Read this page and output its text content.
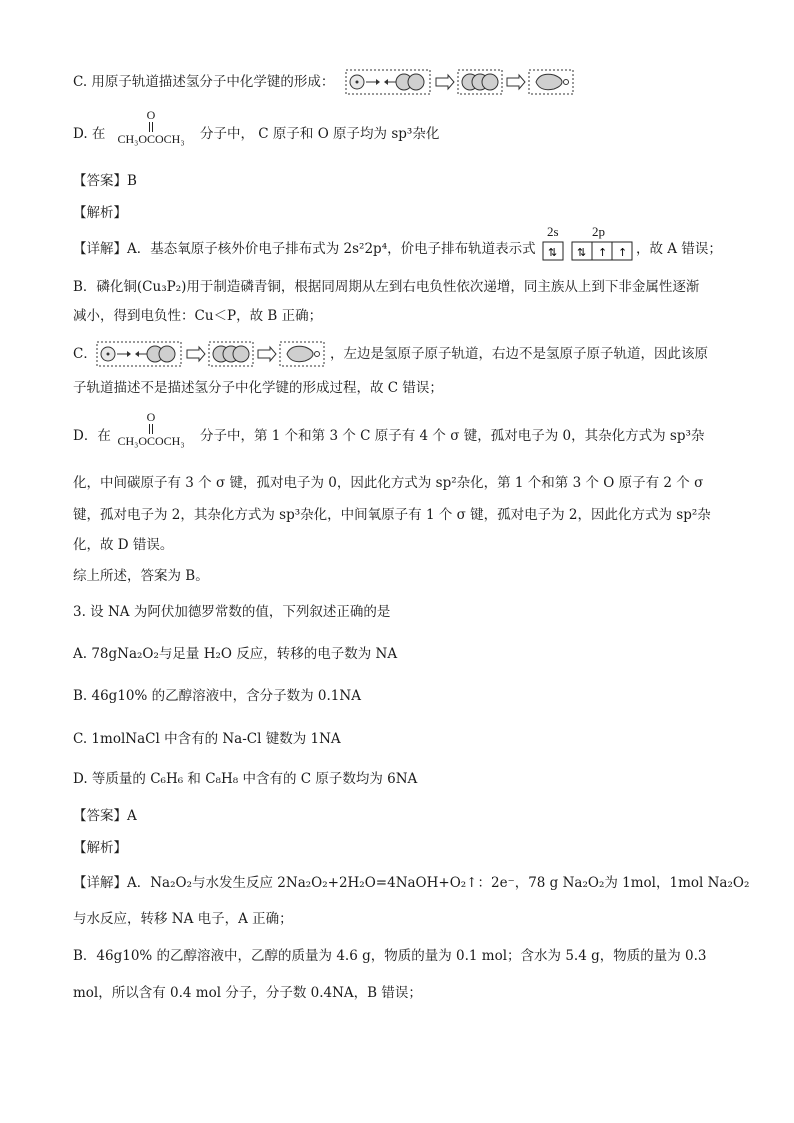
C. 用原子轨道描述氢分子中化学键的形成：
D. 在
O
CH₃OCOCH₃	分子中， C 原子和 O 原子均为 sp³杂化
【答案】B
【解析】
【详解】A．基态氧原子核外价电子排布式为 2s²2p⁴，价电子排布轨道表示式
2s	2p
⇅ ⇅ ↑ ↑ ，故 A 错误；
B．磷化铜(Cu₃P₂)用于制造磷青铜，根据同周期从左到右电负性依次递增，同主族从上到下非金属性逐渐
减小，得到电负性：Cu＜P，故 B 正确；
C．	，左边是氢原子原子轨道，右边不是氢原子原子轨道，因此该原
子轨道描述不是描述氢分子中化学键的形成过程，故 C 错误；
D．在
O
CH₃OCOCH₃	分子中，第 1 个和第 3 个 C 原子有 4 个 σ 键，孤对电子为 0，其杂化方式为 sp³杂
化，中间碳原子有 3 个 σ 键，孤对电子为 0，因此化方式为 sp²杂化，第 1 个和第 3 个 O 原子有 2 个 σ
键，孤对电子为 2，其杂化方式为 sp³杂化，中间氧原子有 1 个 σ 键，孤对电子为 2，因此化方式为 sp²杂
化，故 D 错误。
综上所述，答案为 B。
3. 设 NA 为阿伏加德罗常数的值，下列叙述正确的是
A. 78gNa₂O₂与足量 H₂O 反应，转移的电子数为 NA
B. 46g10% 的乙醇溶液中，含分子数为 0.1NA
C. 1molNaCl 中含有的 Na-Cl 键数为 1NA
D. 等质量的 C₆H₆ 和 C₈H₈ 中含有的 C 原子数均为 6NA
【答案】A
【解析】
【详解】A．Na₂O₂与水发生反应 2Na₂O₂+2H₂O=4NaOH+O₂↑：2e⁻，78 g Na₂O₂为 1mol，1mol Na₂O₂
与水反应，转移 NA 电子，A 正确；
B．46g10% 的乙醇溶液中，乙醇的质量为 4.6 g，物质的量为 0.1 mol；含水为 5.4 g，物质的量为 0.3
mol，所以含有 0.4 mol 分子，分子数 0.4NA，B 错误；
